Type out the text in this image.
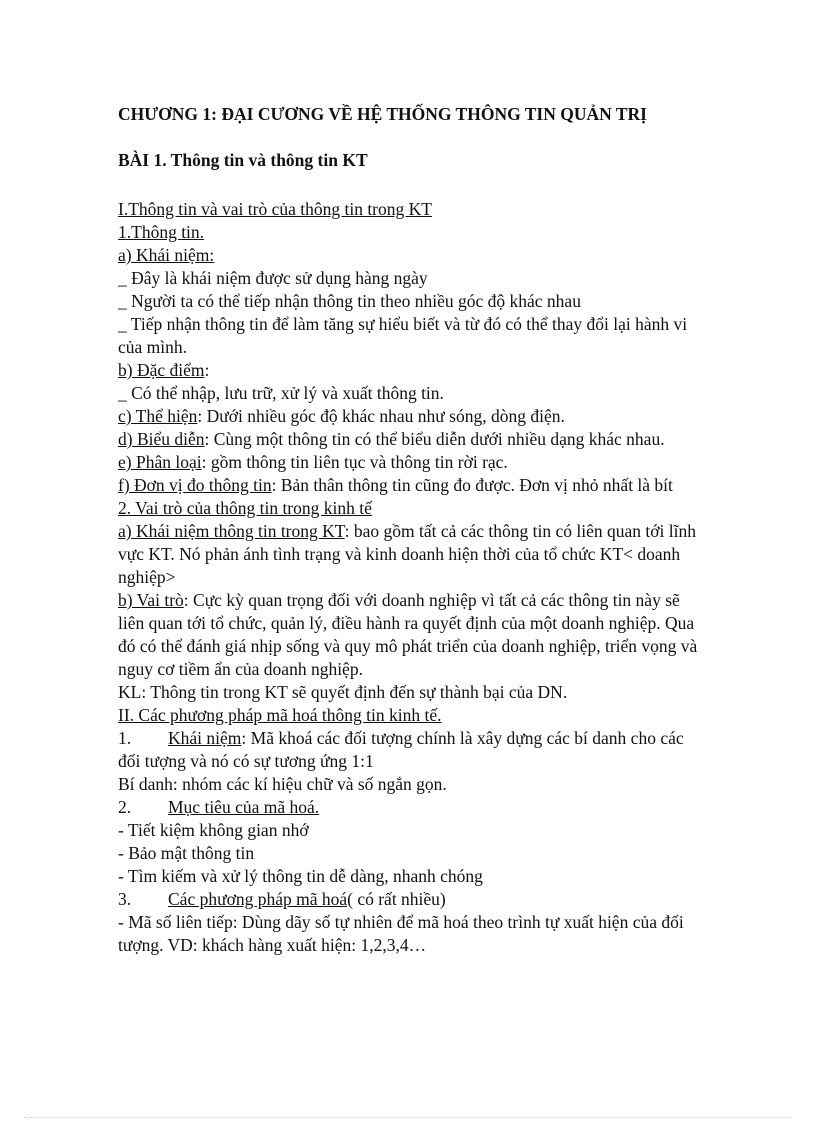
CHƯƠNG 1: ĐẠI CƯƠNG VỀ HỆ THỐNG THÔNG TIN QUẢN TRỊ

BÀI 1. Thông tin và thông tin KT

I.Thông tin và vai trò của thông tin trong KT

1.Thông tin.

a) Khái niệm:

_ Đây là khái niệm được sử dụng hàng ngày

_ Người ta có thể tiếp nhận thông tin theo nhiều góc độ khác nhau

_ Tiếp nhận thông tin để làm tăng sự hiểu biết và từ đó có thể thay đổi lại hành vi của mình.

b) Đặc điểm:

_ Có thể nhập, lưu trữ, xử lý và xuất thông tin.

c) Thể hiện: Dưới nhiều góc độ khác nhau như sóng, dòng điện.

d) Biểu diễn: Cùng một thông tin có thể biểu diễn dưới nhiều dạng khác nhau.

e) Phân loại: gồm thông tin liên tục và thông tin rời rạc.

f) Đơn vị đo thông tin: Bản thân thông tin cũng đo được. Đơn vị nhỏ nhất là bít

2. Vai trò của thông tin trong kinh tế

a) Khái niệm thông tin trong KT: bao gồm tất cả các thông tin có liên quan tới lĩnh vực KT. Nó phản ánh tình trạng và kinh doanh hiện thời của tổ chức KT< doanh nghiệp>

b) Vai trò: Cực kỳ quan trọng đối với doanh nghiệp vì tất cả các thông tin này sẽ liên quan tới tổ chức, quản lý, điều hành ra quyết định của một doanh nghiệp. Qua đó có thể đánh giá nhịp sống và quy mô phát triển của doanh nghiệp, triển vọng và nguy cơ tiềm ẩn của doanh nghiệp.

KL: Thông tin trong KT sẽ quyết định đến sự thành bại của DN.

II. Các phương pháp mã hoá thông tin kinh tế.

1. Khái niệm: Mã khoá các đối tượng chính là xây dựng các bí danh cho các đối tượng và nó có sự tương ứng 1:1

Bí danh: nhóm các kí hiệu chữ và số ngắn gọn.

2. Mục tiêu của mã hoá.

- Tiết kiệm không gian nhớ

- Bảo mật thông tin

- Tìm kiếm và xử lý thông tin dễ dàng, nhanh chóng

3. Các phương pháp mã hoá( có rất nhiều)

- Mã số liên tiếp: Dùng dãy số tự nhiên để mã hoá theo trình tự xuất hiện của đối tượng. VD: khách hàng xuất hiện: 1,2,3,4…
